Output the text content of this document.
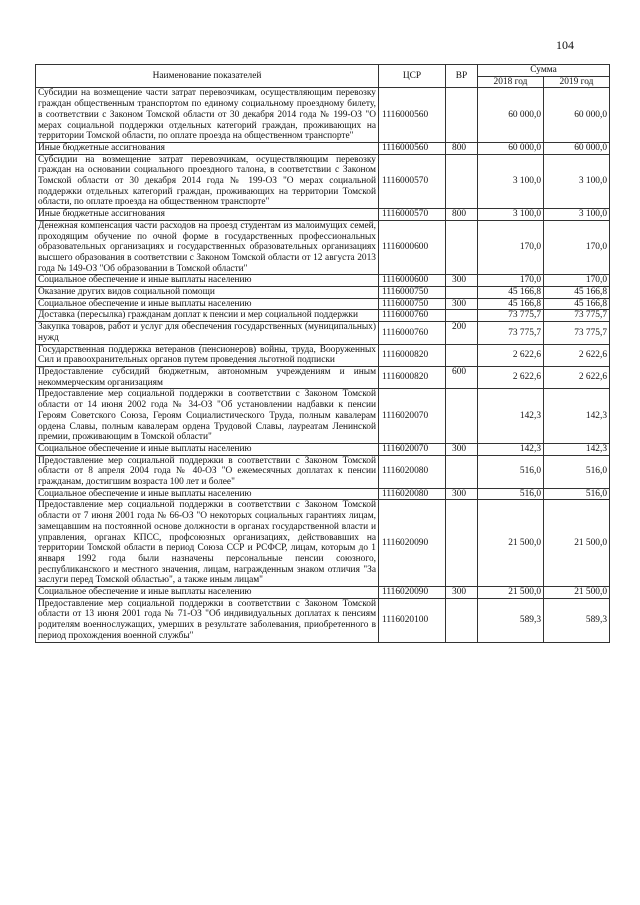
104
Наименование показателей	ЦСР	ВР	Сумма	
			2018 год	2019 год
Субсидии на возмещение части затрат перевозчикам, осуществляющим перевозку граждан общественным транспортом по единому социальному проездному билету, в соответствии с Законом Томской области от 30 декабря 2014 года № 199-ОЗ "О мерах социальной поддержки отдельных категорий граждан, проживающих на территории Томской области, по оплате проезда на общественном транспорте"	1116000560		60 000,0	60 000,0
Иные бюджетные ассигнования	1116000560	800	60 000,0	60 000,0
Субсидии на возмещение затрат перевозчикам, осуществляющим перевозку граждан на основании социального проездного талона, в соответствии с Законом Томской области от 30 декабря 2014 года № 199-ОЗ "О мерах социальной поддержки отдельных категорий граждан, проживающих на территории Томской области, по оплате проезда на общественном транспорте"	1116000570		3 100,0	3 100,0
Иные бюджетные ассигнования	1116000570	800	3 100,0	3 100,0
Денежная компенсация части расходов на проезд студентам из малоимущих семей, проходящим обучение по очной форме в государственных профессиональных образовательных организациях и государственных образовательных организациях высшего образования в соответствии с Законом Томской области от 12 августа 2013 года № 149-ОЗ "Об образовании в Томской области"	1116000600		170,0	170,0
Социальное обеспечение и иные выплаты населению	1116000600	300	170,0	170,0
Оказание других видов социальной помощи	1116000750		45 166,8	45 166,8
Социальное обеспечение и иные выплаты населению	1116000750	300	45 166,8	45 166,8
Доставка (пересылка) гражданам доплат к пенсии и мер социальной поддержки	1116000760		73 775,7	73 775,7
Закупка товаров, работ и услуг для обеспечения государственных (муниципальных) нужд	1116000760	200	73 775,7	73 775,7
Государственная поддержка ветеранов (пенсионеров) войны, труда, Вооруженных Сил и правоохранительных органов путем проведения льготной подписки	1116000820		2 622,6	2 622,6
Предоставление субсидий бюджетным, автономным учреждениям и иным некоммерческим организациям	1116000820	600	2 622,6	2 622,6
Предоставление мер социальной поддержки в соответствии с Законом Томской области от 14 июня 2002 года № 34-ОЗ "Об установлении надбавки к пенсии Героям Советского Союза, Героям Социалистического Труда, полным кавалерам ордена Славы, полным кавалерам ордена Трудовой Славы, лауреатам Ленинской премии, проживающим в Томской области"	1116020070		142,3	142,3
Социальное обеспечение и иные выплаты населению	1116020070	300	142,3	142,3
Предоставление мер социальной поддержки в соответствии с Законом Томской области от 8 апреля 2004 года № 40-ОЗ "О ежемесячных доплатах к пенсии гражданам, достигшим возраста 100 лет и более"	1116020080		516,0	516,0
Социальное обеспечение и иные выплаты населению	1116020080	300	516,0	516,0
Предоставление мер социальной поддержки в соответствии с Законом Томской области от 7 июня 2001 года № 66-ОЗ "О некоторых социальных гарантиях лицам, замещавшим на постоянной основе должности в органах государственной власти и управления, органах КПСС, профсоюзных организациях, действовавших на территории Томской области в период Союза ССР и РСФСР, лицам, которым до 1 января 1992 года были назначены персональные пенсии союзного, республиканского и местного значения, лицам, награжденным знаком отличия "За заслуги перед Томской областью", а также иным лицам"	1116020090		21 500,0	21 500,0
Социальное обеспечение и иные выплаты населению	1116020090	300	21 500,0	21 500,0
Предоставление мер социальной поддержки в соответствии с Законом Томской области от 13 июня 2001 года № 71-ОЗ "Об индивидуальных доплатах к пенсиям родителям военнослужащих, умерших в результате заболевания, приобретенного в период прохождения военной службы"	1116020100		589,3	589,3
